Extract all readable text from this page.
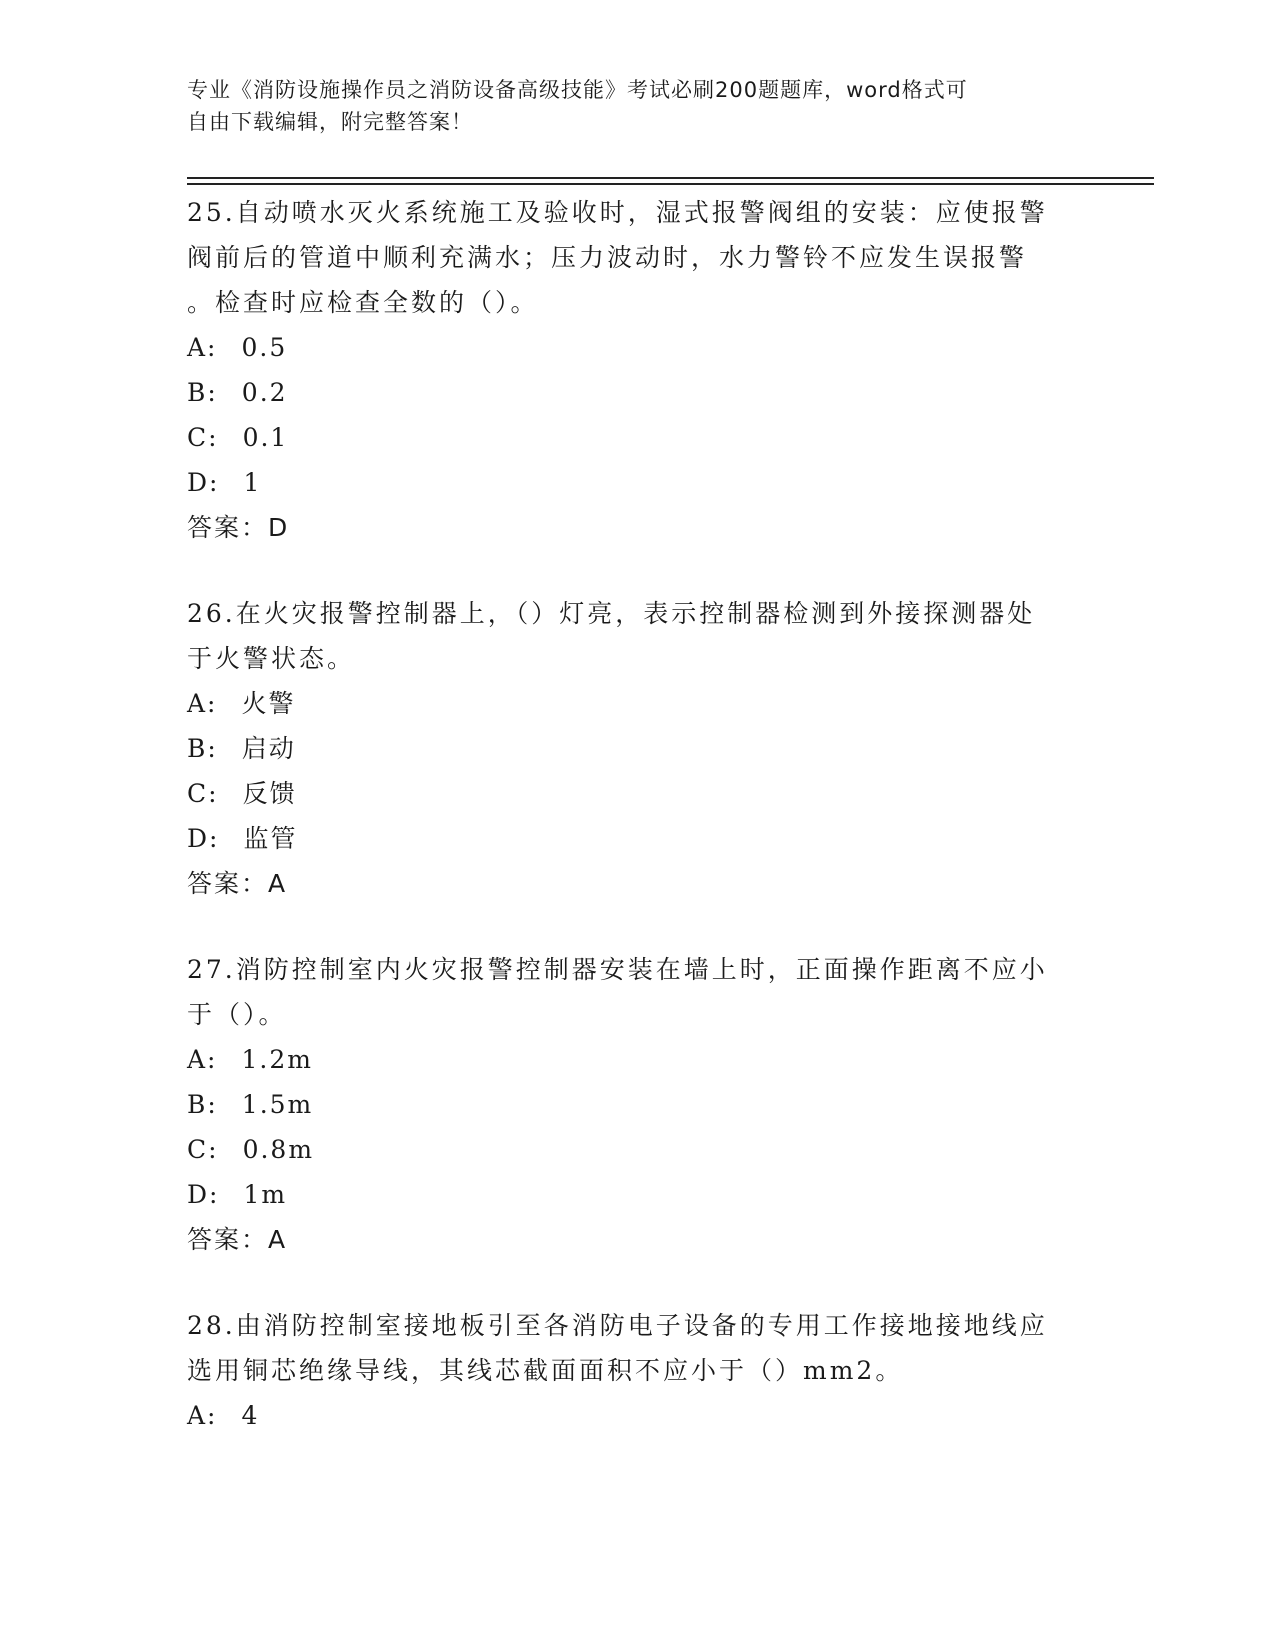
专业《消防设施操作员之消防设备高级技能》考试必刷200题题库，word格式可
自由下载编辑，附完整答案！

25.自动喷水灭火系统施工及验收时，湿式报警阀组的安装：应使报警

阀前后的管道中顺利充满水；压力波动时，水力警铃不应发生误报警

。检查时应检查全数的（）。

A: 0.5

B: 0.2

C: 0.1

D: 1

答案：D

26.在火灾报警控制器上，（）灯亮，表示控制器检测到外接探测器处

于火警状态。

A: 火警

B: 启动

C: 反馈

D: 监管

答案：A

27.消防控制室内火灾报警控制器安装在墙上时，正面操作距离不应小

于（）。

A: 1.2m

B: 1.5m

C: 0.8m

D: 1m

答案：A

28.由消防控制室接地板引至各消防电子设备的专用工作接地接地线应

选用铜芯绝缘导线，其线芯截面面积不应小于（）mm2。

A: 4
